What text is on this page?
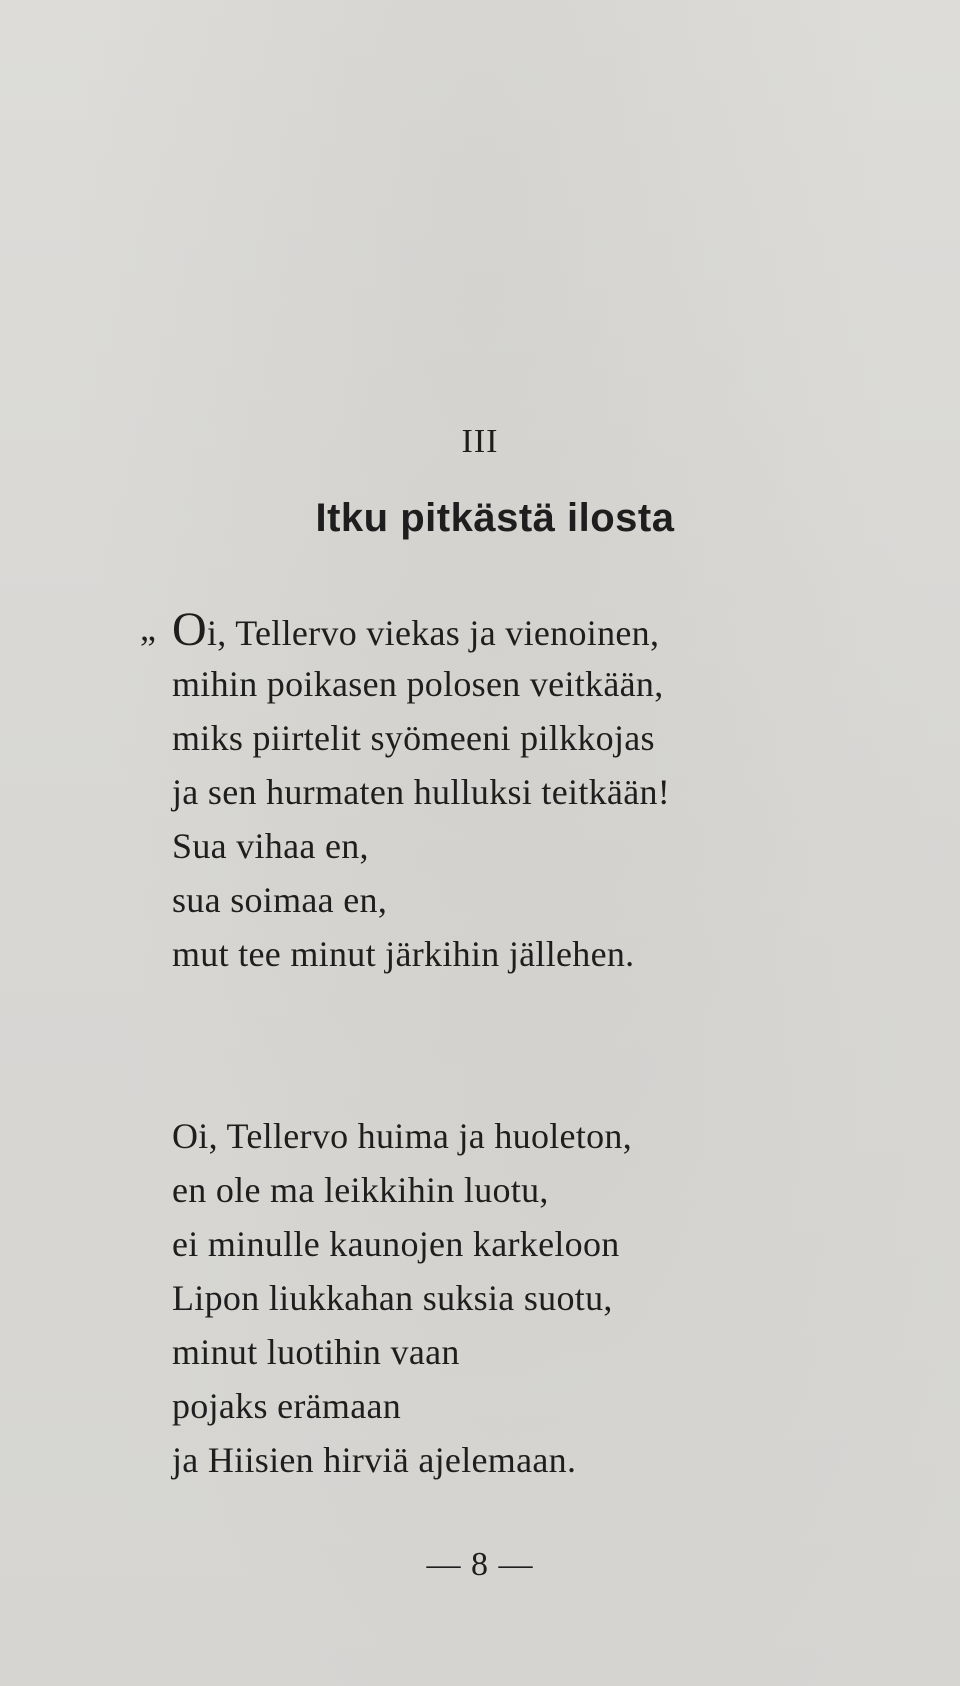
III
Itku pitkästä ilosta
„ Oi, Tellervo viekas ja vienoinen,
mihin poikasen polosen veitkään,
miks piirtelit syömeeni pilkkojas
ja sen hurmaten hulluksi teitkään!
Sua vihaa en,
sua soimaa en,
mut tee minut järkihin jällehen.
Oi, Tellervo huima ja huoleton,
en ole ma leikkihin luotu,
ei minulle kaunojen karkeloon
Lipon liukkahan suksia suotu,
minut luotihin vaan
pojaks erämaan
ja Hiisien hirviä ajelemaan.
— 8 —
